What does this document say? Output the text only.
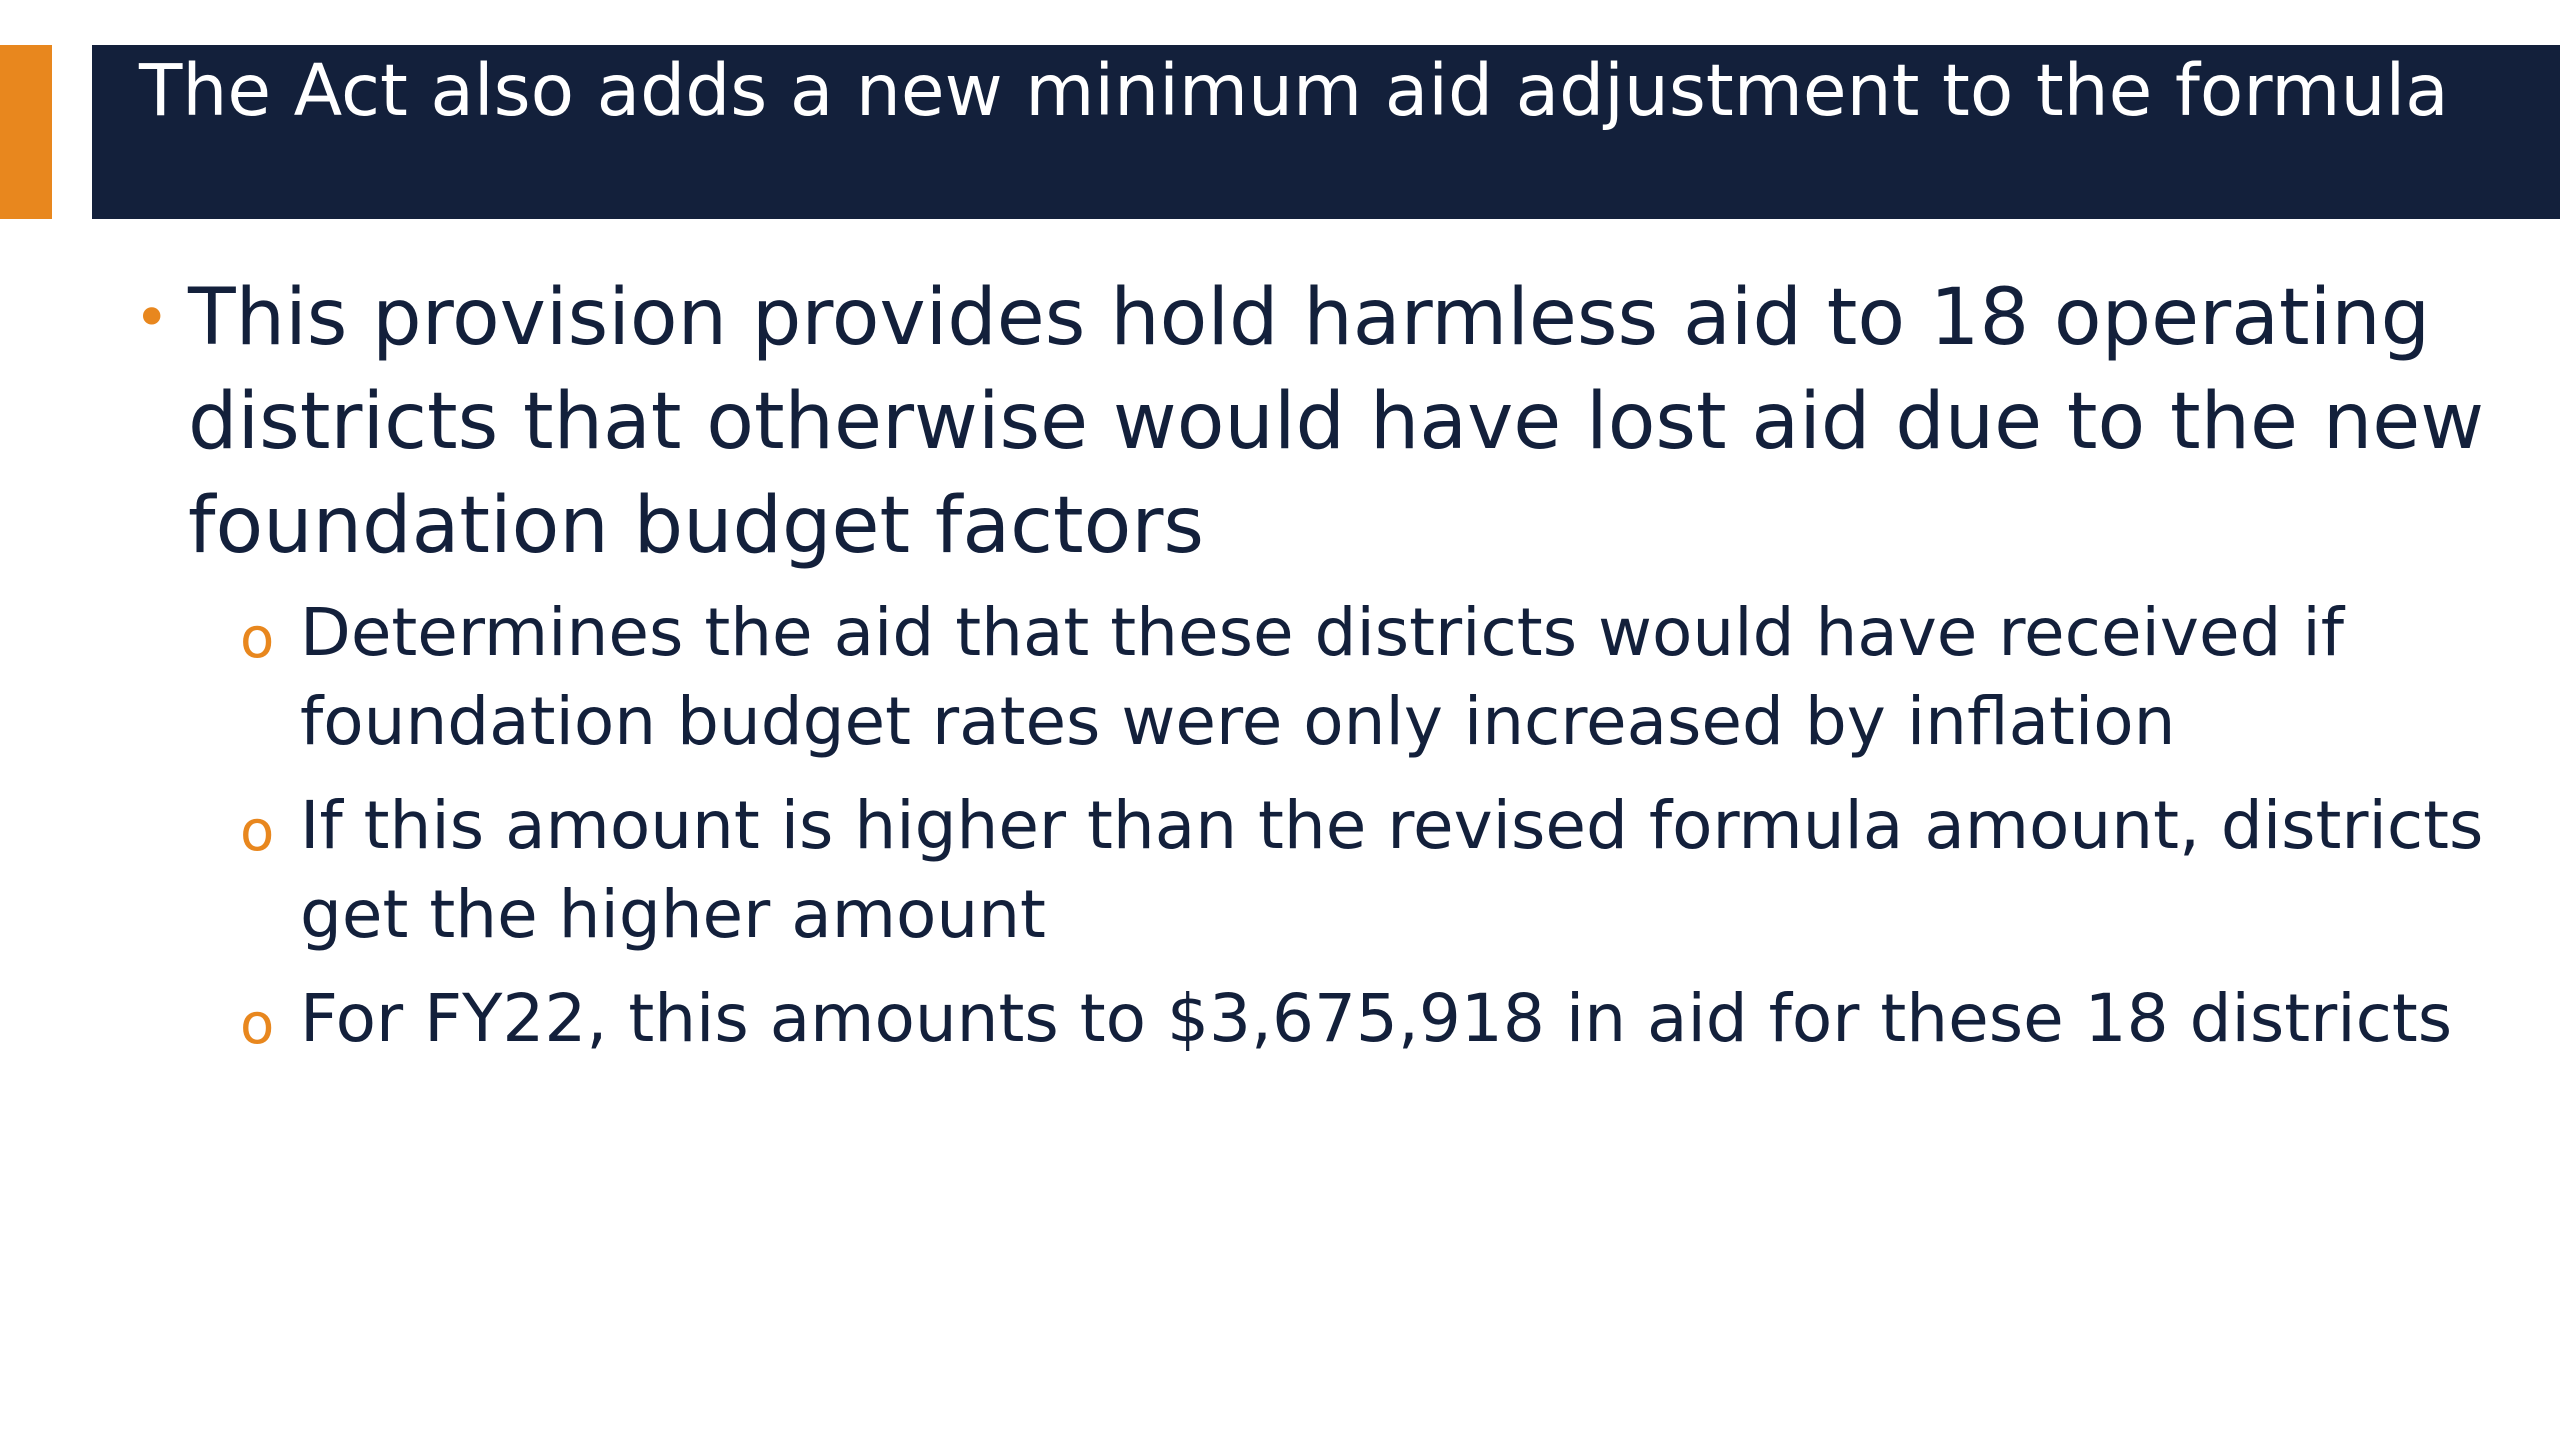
The Act also adds a new minimum aid adjustment to the formula
• This provision provides hold harmless aid to 18 operating districts that otherwise would have lost aid due to the new foundation budget factors
o Determines the aid that these districts would have received if foundation budget rates were only increased by inflation
o If this amount is higher than the revised formula amount, districts get the higher amount
o For FY22, this amounts to $3,675,918 in aid for these 18 districts
